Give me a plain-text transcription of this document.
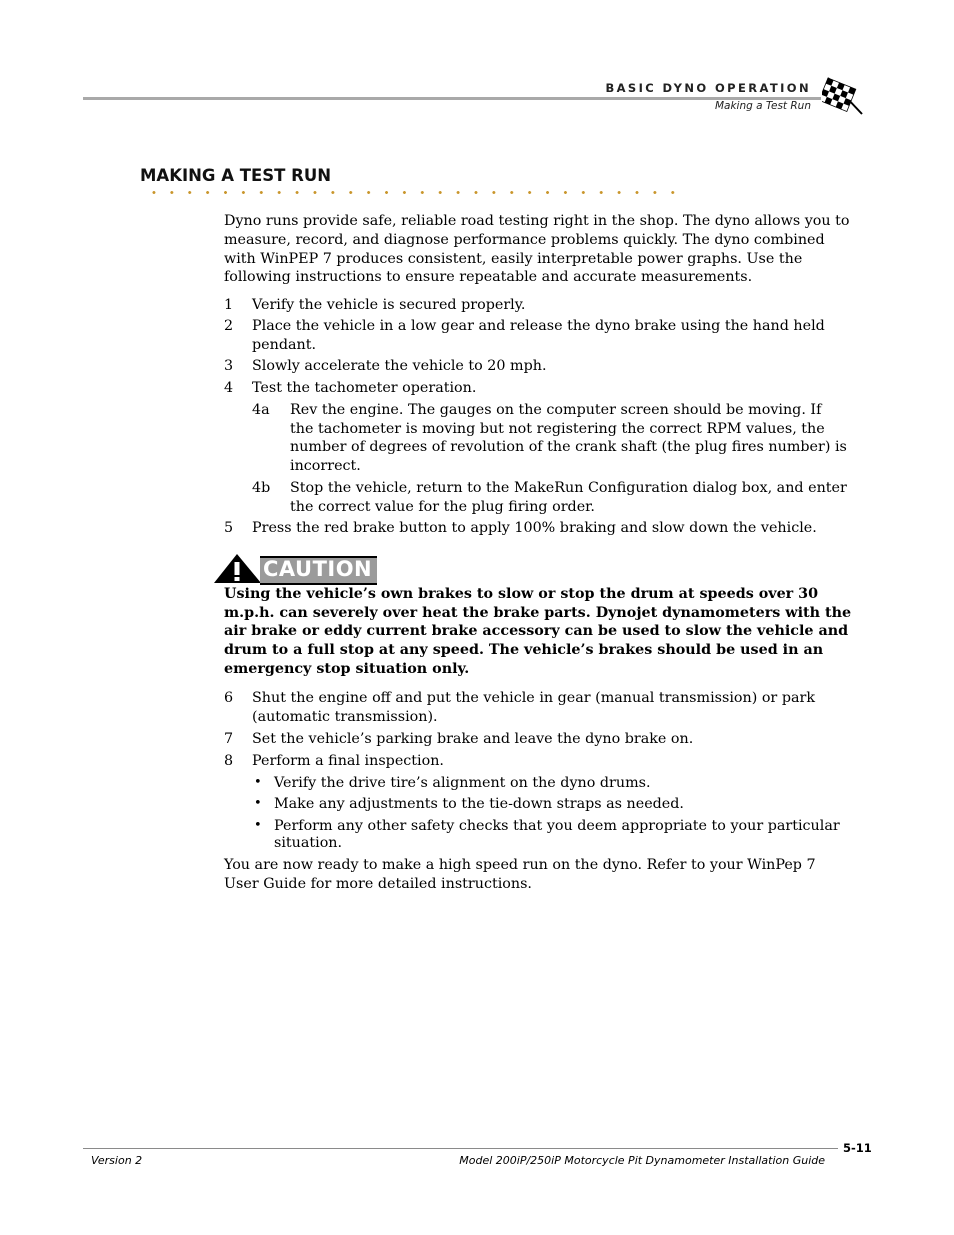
BASIC DYNO OPERATION
Making a Test Run
MAKING A TEST RUN
Dyno runs provide safe, reliable road testing right in the shop. The dyno allows you to
measure, record, and diagnose performance problems quickly. The dyno combined
with WinPEP 7 produces consistent, easily interpretable power graphs. Use the
following instructions to ensure repeatable and accurate measurements.
1 Verify the vehicle is secured properly.
2 Place the vehicle in a low gear and release the dyno brake using the hand held
pendant.
3 Slowly accelerate the vehicle to 20 mph.
4 Test the tachometer operation.
4a Rev the engine. The gauges on the computer screen should be moving. If
the tachometer is moving but not registering the correct RPM values, the
number of degrees of revolution of the crank shaft (the plug fires number) is
incorrect.
4b Stop the vehicle, return to the MakeRun Configuration dialog box, and enter
the correct value for the plug firing order.
5 Press the red brake button to apply 100% braking and slow down the vehicle.
CAUTION
Using the vehicle’s own brakes to slow or stop the drum at speeds over 30
m.p.h. can severely over heat the brake parts. Dynojet dynamometers with the
air brake or eddy current brake accessory can be used to slow the vehicle and
drum to a full stop at any speed. The vehicle’s brakes should be used in an
emergency stop situation only.
6 Shut the engine off and put the vehicle in gear (manual transmission) or park
(automatic transmission).
7 Set the vehicle’s parking brake and leave the dyno brake on.
8 Perform a final inspection.
• Verify the drive tire’s alignment on the dyno drums.
• Make any adjustments to the tie-down straps as needed.
• Perform any other safety checks that you deem appropriate to your particular
situation.
You are now ready to make a high speed run on the dyno. Refer to your WinPep 7
User Guide for more detailed instructions.
5-11
Version 2	Model 200iP/250iP Motorcycle Pit Dynamometer Installation Guide
